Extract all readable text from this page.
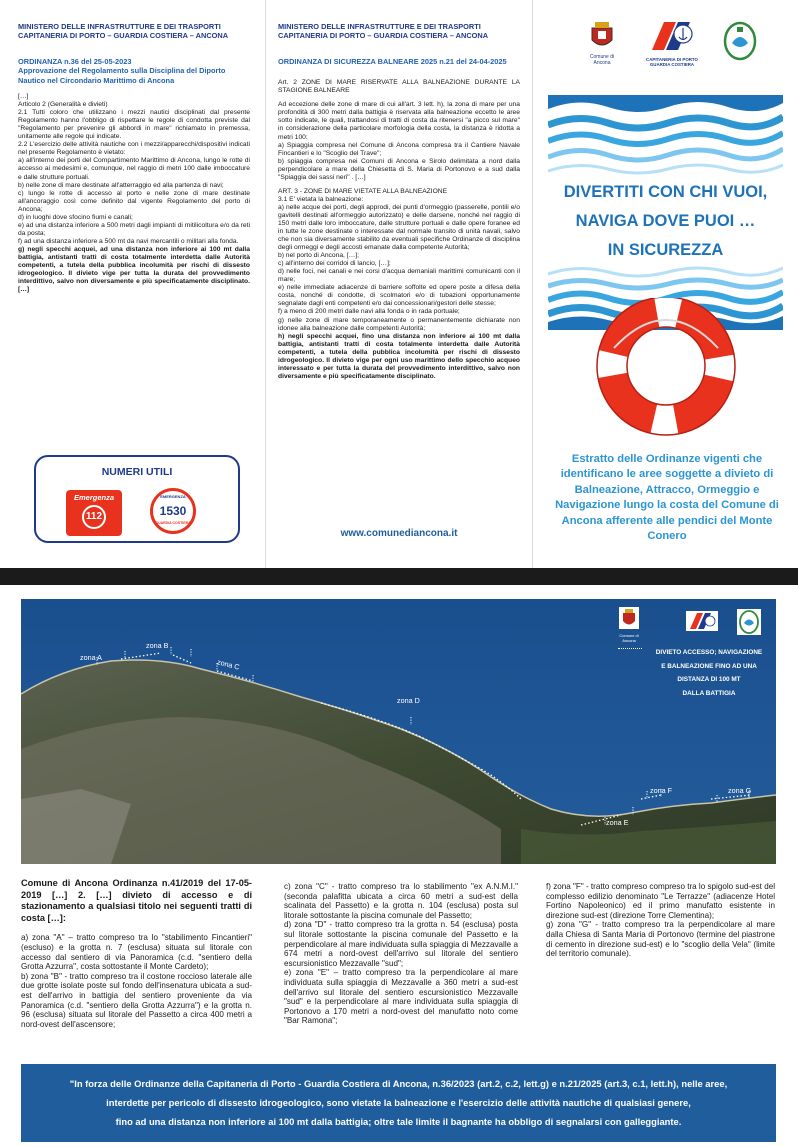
MINISTERO DELLE INFRASTRUTTURE E DEI TRASPORTI
CAPITANERIA DI PORTO – GUARDIA COSTIERA – ANCONA
ORDINANZA n.36 del 25-05-2023
Approvazione del Regolamento sulla Disciplina del Diporto
Nautico nel Circondario Marittimo di Ancona

[…]

Articolo 2 (Generalità e divieti)

2.1 Tutti coloro che utilizzano i mezzi nautici disciplinati dal presente Regolamento hanno l'obbligo di rispettare le regole di condotta previste dal "Regolamento per prevenire gli abbordi in mare" richiamato in premessa, unitamente alle regole qui indicate.

2.2 L'esercizio delle attività nautiche con i mezzi/apparecchi/dispositivi indicati nel presente Regolamento è vietato:

a) all'interno dei porti del Compartimento Marittimo di Ancona, lungo le rotte di accesso ai medesimi e, comunque, nel raggio di metri 100 dalle imboccature e dalle strutture portuali.

b) nelle zone di mare destinate all'atterraggio ed alla partenza di navi;

c) lungo le rotte di accesso al porto e nelle zone di mare destinate all'ancoraggio così come definito dal vigente Regolamento del porto di Ancona;

d) in luoghi dove sfocino fiumi e canali;

e) ad una distanza inferiore a 500 metri dagli impianti di mitilicoltura e/o da reti da posta;

f) ad una distanza inferiore a 500 mt da navi mercantili o militari alla fonda.

g) negli specchi acquei, ad una distanza non inferiore ai 100 mt dalla battigia, antistanti tratti di costa totalmente interdetta dalle Autorità competenti, a tutela della pubblica incolumità per rischi di dissesto idrogeologico. Il divieto vige per tutta la durata del provvedimento interdittivo, salvo non diversamente e più specificatamente disciplinato. […]

NUMERI UTILI
Emergenza
112
EMERGENZA
1530
GUARDIA COSTIERA
MINISTERO DELLE INFRASTRUTTURE E DEI TRASPORTI
CAPITANERIA DI PORTO – GUARDIA COSTIERA – ANCONA
ORDINANZA DI SICUREZZA BALNEARE 2025 n.21 del 24-04-2025

Art. 2 ZONE DI MARE RISERVATE ALLA BALNEAZIONE DURANTE LA STAGIONE BALNEARE

Ad eccezione delle zone di mare di cui all'art. 3 lett. h), la zona di mare per una profondità di 300 metri dalla battigia è riservata alla balneazione eccetto le aree sotto indicate, le quali, trattandosi di tratti di costa da ritenersi "a picco sul mare" in considerazione della particolare morfologia della costa, la distanza è ridotta a metri 100:

a) Spiaggia compresa nel Comune di Ancona compresa tra il Cantiere Navale Fincantieri e lo "Scoglio del Trave";

b) spiaggia compresa nei Comuni di Ancona e Sirolo delimitata a nord dalla perpendicolare a mare della Chiesetta di S. Maria di Portonovo e a sud dalla "Spiaggia dei sassi neri" . […]

ART. 3 - ZONE DI MARE VIETATE ALLA BALNEAZIONE

3.1 E' vietata la balneazione:

a) nelle acque dei porti, degli approdi, dei punti d'ormeggio (passerelle, pontili e/o gavitelli destinati all'ormeggio autorizzato) e delle darsene, nonché nel raggio di 150 metri dalle loro imboccature, dalle strutture portuali e dalle opere foranee ed in tutte le zone destinate o interessate dal normale transito di unità navali, salvo che non sia diversamente stabilito da eventuali specifiche Ordinanze di disciplina degli ormeggi e degli accosti emanate dalla competente Autorità;

b) nel porto di Ancona, […];

c) all'interno dei corridoi di lancio, […];

d) nelle foci, nei canali e nei corsi d'acqua demaniali marittimi comunicanti con il mare;

e) nelle immediate adiacenze di barriere soffolte ed opere poste a difesa della costa, nonché di condotte, di scolmatori e/o di tubazioni opportunamente segnalate dagli enti competenti e/o dai concessionari/gestori delle stesse;

f) a meno di 200 metri dalle navi alla fonda o in rada portuale;

g) nelle zone di mare temporaneamente o permanentemente dichiarate non idonee alla balneazione dalle competenti Autorità;

h) negli specchi acquei, fino una distanza non inferiore ai 100 mt dalla battigia, antistanti tratti di costa totalmente interdetta dalle Autorità competenti, a tutela della pubblica incolumità per rischi di dissesto idrogeologico. Il divieto vige per ogni uso marittimo dello specchio acqueo interessato e per tutta la durata del provvedimento interdittivo, salvo non diversamente e più specificatamente disciplinato.

www.comunediancona.it
Comune di Ancona	CAPITANERIA DI PORTO
GUARDIA COSTIERA
DIVERTITI CON CHI VUOI,
NAVIGA DOVE PUOI …
IN SICUREZZA
Estratto delle Ordinanze vigenti che identificano le aree soggette a divieto di Balneazione, Attracco, Ormeggio e Navigazione lungo la costa del Comune di Ancona afferente alle pendici del Monte Conero
zona A
zona B
zona C
zona D
zona E
zona F	zona G
Comune di Ancona
DIVIETO ACCESSO; NAVIGAZIONE
E BALNEAZIONE FINO AD UNA
DISTANZA DI 100 MT
DALLA BATTIGIA

Comune di Ancona Ordinanza n.41/2019 del 17-05-2019 […] 2. […] divieto di accesso e di stazionamento a qualsiasi titolo nei seguenti tratti di costa […]:

a) zona "A" – tratto compreso tra lo "stabilimento Fincantieri" (escluso) e la grotta n. 7 (esclusa) situata sul litorale con accesso dal sentiero di via Panoramica (c.d. "sentiero della Grotta Azzurra", costa sottostante il Monte Cardeto);

b) zona "B" - tratto compreso tra il costone roccioso laterale alle due grotte isolate poste sul fondo dell'insenatura ubicata a sud-est dell'arrivo in battigia del sentiero proveniente da via Panoramica (c.d. "sentiero della Grotta Azzurra") e la grotta n. 96 (esclusa) situata sul litorale del Passetto a circa 400 metri a nord-ovest dell'ascensore;

c) zona "C" - tratto compreso tra lo stabilimento "ex A.N.M.I." (seconda palafitta ubicata a circa 60 metri a sud-est della scalinata del Passetto) e la grotta n. 104 (esclusa) posta sul litorale sottostante la piscina comunale del Passetto;

d) zona "D" - tratto compreso tra la grotta n. 54 (esclusa) posta sul litorale sottostante la piscina comunale del Passetto e la perpendicolare al mare individuata sulla spiaggia di Mezzavalle a 674 metri a nord-ovest dell'arrivo sul litorale del sentiero escursionistico Mezzavalle "sud";

e) zona "E" – tratto compreso tra la perpendicolare al mare individuata sulla spiaggia di Mezzavalle a 360 metri a sud-est dell'arrivo sul litorale del sentiero escursionistico Mezzavalle "sud" e la perpendicolare al mare individuata sulla spiaggia di Portonovo a 170 metri a nord-ovest del manufatto noto come "Bar Ramona";

f) zona "F" - tratto compreso compreso tra lo spigolo sud-est del complesso edilizio denominato "Le Terrazze" (adiacenze Hotel Fortino Napoleonico) ed il primo manufatto esistente in direzione sud-est (direzione Torre Clementina);

g) zona "G" - tratto compreso tra la perpendicolare al mare dalla Chiesa di Santa Maria di Portonovo (termine del piastrone di cemento in direzione sud-est) e lo "scoglio della Vela" (limite del territorio comunale).

"In forza delle Ordinanze della Capitaneria di Porto - Guardia Costiera di Ancona, n.36/2023 (art.2, c.2, lett.g) e n.21/2025 (art.3, c.1, lett.h), nelle aree,
interdette per pericolo di dissesto idrogeologico, sono vietate la balneazione e l'esercizio delle attività nautiche di qualsiasi genere,
fino ad una distanza non inferiore ai 100 mt dalla battigia; oltre tale limite il bagnante ha obbligo di segnalarsi con galleggiante.
